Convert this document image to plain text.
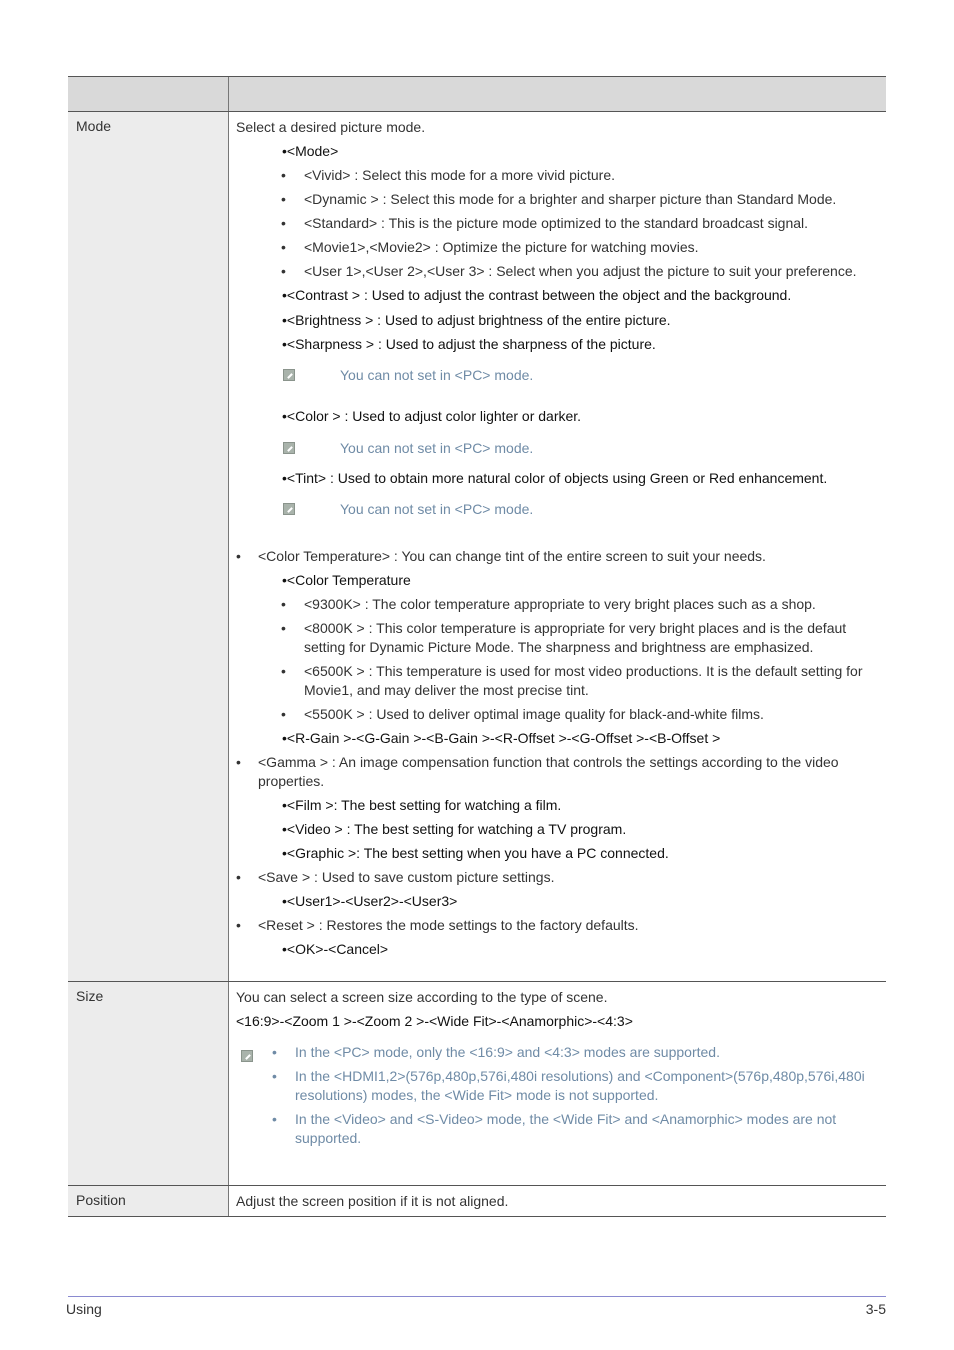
Mode	Select a desired picture mode.
•<Mode>
• <Vivid> : Select this mode for a more vivid picture.
• <Dynamic > : Select this mode for a brighter and sharper picture than Standard Mode.
• <Standard> : This is the picture mode optimized to the standard broadcast signal.
• <Movie1>,<Movie2> : Optimize the picture for watching movies.
• <User 1>,<User 2>,<User 3> : Select when you adjust the picture to suit your preference.
•<Contrast > : Used to adjust the contrast between the object and the background.
•<Brightness > : Used to adjust brightness of the entire picture.
•<Sharpness > : Used to adjust the sharpness of the picture.
You can not set in <PC> mode.
•<Color > : Used to adjust color lighter or darker.
You can not set in <PC> mode.
•<Tint> : Used to obtain more natural color of objects using Green or Red enhancement.
You can not set in <PC> mode.
• <Color Temperature> : You can change tint of the entire screen to suit your needs.
•<Color Temperature
• <9300K> : The color temperature appropriate to very bright places such as a shop.
• <8000K > : This color temperature is appropriate for very bright places and is the defaut setting for Dynamic Picture Mode. The sharpness and brightness are emphasized.
• <6500K > : This temperature is used for most video productions. It is the default setting for Movie1, and may deliver the most precise tint.
• <5500K > : Used to deliver optimal image quality for black-and-white films.
•<R-Gain >-<G-Gain >-<B-Gain >-<R-Offset >-<G-Offset >-<B-Offset >
• <Gamma > : An image compensation function that controls the settings according to the video properties.
•<Film >: The best setting for watching a film.
•<Video > : The best setting for watching a TV program.
•<Graphic >: The best setting when you have a PC connected.
• <Save > : Used to save custom picture settings.
•<User1>-<User2>-<User3>
• <Reset > : Restores the mode settings to the factory defaults.
•<OK>-<Cancel>
Size	You can select a screen size according to the type of scene.
<16:9>-<Zoom 1 >-<Zoom 2 >-<Wide Fit>-<Anamorphic>-<4:3>
• In the <PC> mode, only the <16:9> and <4:3> modes are supported.
• In the <HDMI1,2>(576p,480p,576i,480i resolutions) and <Component>(576p,480p,576i,480i resolutions) modes, the <Wide Fit> mode is not supported.
• In the <Video> and <S-Video> mode, the <Wide Fit> and <Anamorphic> modes are not supported.
Position	Adjust the screen position if it is not aligned.
Using	3-5
